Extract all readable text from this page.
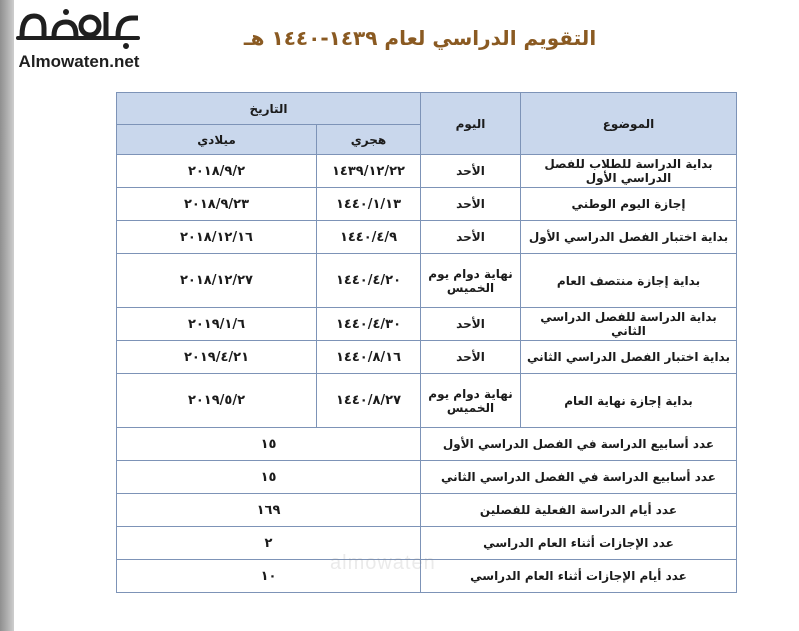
Almowaten.net
التقويم الدراسي لعام ١٤٣٩-١٤٤٠ هـ
الموضوع	اليوم	التاريخ	
		هجري	ميلادي
بداية الدراسة للطلاب للفصل الدراسي الأول	الأحد	١٤٣٩/١٢/٢٢	٢٠١٨/٩/٢
إجازة اليوم الوطني	الأحد	١٤٤٠/١/١٣	٢٠١٨/٩/٢٣
بداية اختبار الفصل الدراسي الأول	الأحد	١٤٤٠/٤/٩	٢٠١٨/١٢/١٦
بداية إجازة منتصف العام	نهاية دوام يوم الخميس	١٤٤٠/٤/٢٠	٢٠١٨/١٢/٢٧
بداية الدراسة للفصل الدراسي الثاني	الأحد	١٤٤٠/٤/٣٠	٢٠١٩/١/٦
بداية اختبار الفصل الدراسي الثاني	الأحد	١٤٤٠/٨/١٦	٢٠١٩/٤/٢١
بداية إجازة نهاية العام	نهاية دوام يوم الخميس	١٤٤٠/٨/٢٧	٢٠١٩/٥/٢
عدد أسابيع الدراسة في الفصل الدراسي الأول		١٥	
عدد أسابيع الدراسة في الفصل الدراسي الثاني		١٥	
عدد أيام الدراسة الفعلية للفصلين		١٦٩	
عدد الإجازات أثناء العام الدراسي		٢	
عدد أيام الإجازات أثناء العام الدراسي		١٠	
almowaten
